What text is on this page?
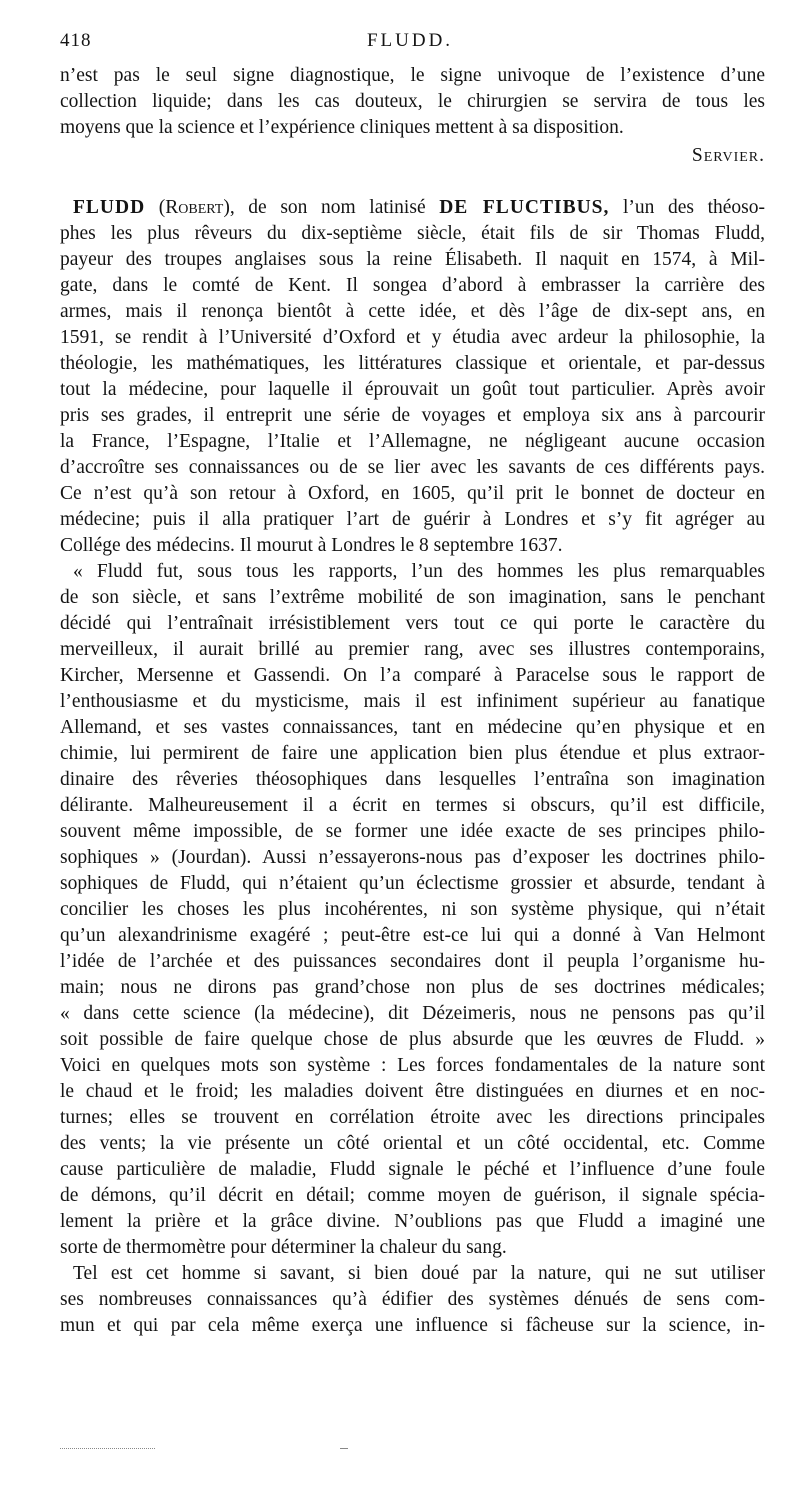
418	FLUDD.
n’est pas le seul signe diagnostique, le signe univoque de l’existence d’une
collection liquide; dans les cas douteux, le chirurgien se servira de tous les
moyens que la science et l’expérience cliniques mettent à sa disposition.
Servier.
FLUDD (Robert), de son nom latinisé DE FLUCTIBUS, l’un des théoso-
phes les plus rêveurs du dix-septième siècle, était fils de sir Thomas Fludd,
payeur des troupes anglaises sous la reine Élisabeth. Il naquit en 1574, à Mil-
gate, dans le comté de Kent. Il songea d’abord à embrasser la carrière des
armes, mais il renonça bientôt à cette idée, et dès l’âge de dix-sept ans, en
1591, se rendit à l’Université d’Oxford et y étudia avec ardeur la philosophie, la
théologie, les mathématiques, les littératures classique et orientale, et par-dessus
tout la médecine, pour laquelle il éprouvait un goût tout particulier. Après avoir
pris ses grades, il entreprit une série de voyages et employa six ans à parcourir
la France, l’Espagne, l’Italie et l’Allemagne, ne négligeant aucune occasion
d’accroître ses connaissances ou de se lier avec les savants de ces différents pays.
Ce n’est qu’à son retour à Oxford, en 1605, qu’il prit le bonnet de docteur en
médecine; puis il alla pratiquer l’art de guérir à Londres et s’y fit agréger au
Collége des médecins. Il mourut à Londres le 8 septembre 1637.
« Fludd fut, sous tous les rapports, l’un des hommes les plus remarquables
de son siècle, et sans l’extrême mobilité de son imagination, sans le penchant
décidé qui l’entraînait irrésistiblement vers tout ce qui porte le caractère du
merveilleux, il aurait brillé au premier rang, avec ses illustres contemporains,
Kircher, Mersenne et Gassendi. On l’a comparé à Paracelse sous le rapport de
l’enthousiasme et du mysticisme, mais il est infiniment supérieur au fanatique
Allemand, et ses vastes connaissances, tant en médecine qu’en physique et en
chimie, lui permirent de faire une application bien plus étendue et plus extraor-
dinaire des rêveries théosophiques dans lesquelles l’entraîna son imagination
délirante. Malheureusement il a écrit en termes si obscurs, qu’il est difficile,
souvent même impossible, de se former une idée exacte de ses principes philo-
sophiques » (Jourdan). Aussi n’essayerons-nous pas d’exposer les doctrines philo-
sophiques de Fludd, qui n’étaient qu’un éclectisme grossier et absurde, tendant à
concilier les choses les plus incohérentes, ni son système physique, qui n’était
qu’un alexandrinisme exagéré ; peut-être est-ce lui qui a donné à Van Helmont
l’idée de l’archée et des puissances secondaires dont il peupla l’organisme hu-
main; nous ne dirons pas grand’chose non plus de ses doctrines médicales;
« dans cette science (la médecine), dit Dézeimeris, nous ne pensons pas qu’il
soit possible de faire quelque chose de plus absurde que les œuvres de Fludd. »
Voici en quelques mots son système : Les forces fondamentales de la nature sont
le chaud et le froid; les maladies doivent être distinguées en diurnes et en noc-
turnes; elles se trouvent en corrélation étroite avec les directions principales
des vents; la vie présente un côté oriental et un côté occidental, etc. Comme
cause particulière de maladie, Fludd signale le péché et l’influence d’une foule
de démons, qu’il décrit en détail; comme moyen de guérison, il signale spécia-
lement la prière et la grâce divine. N’oublions pas que Fludd a imaginé une
sorte de thermomètre pour déterminer la chaleur du sang.
Tel est cet homme si savant, si bien doué par la nature, qui ne sut utiliser
ses nombreuses connaissances qu’à édifier des systèmes dénués de sens com-
mun et qui par cela même exerça une influence si fâcheuse sur la science, in-
